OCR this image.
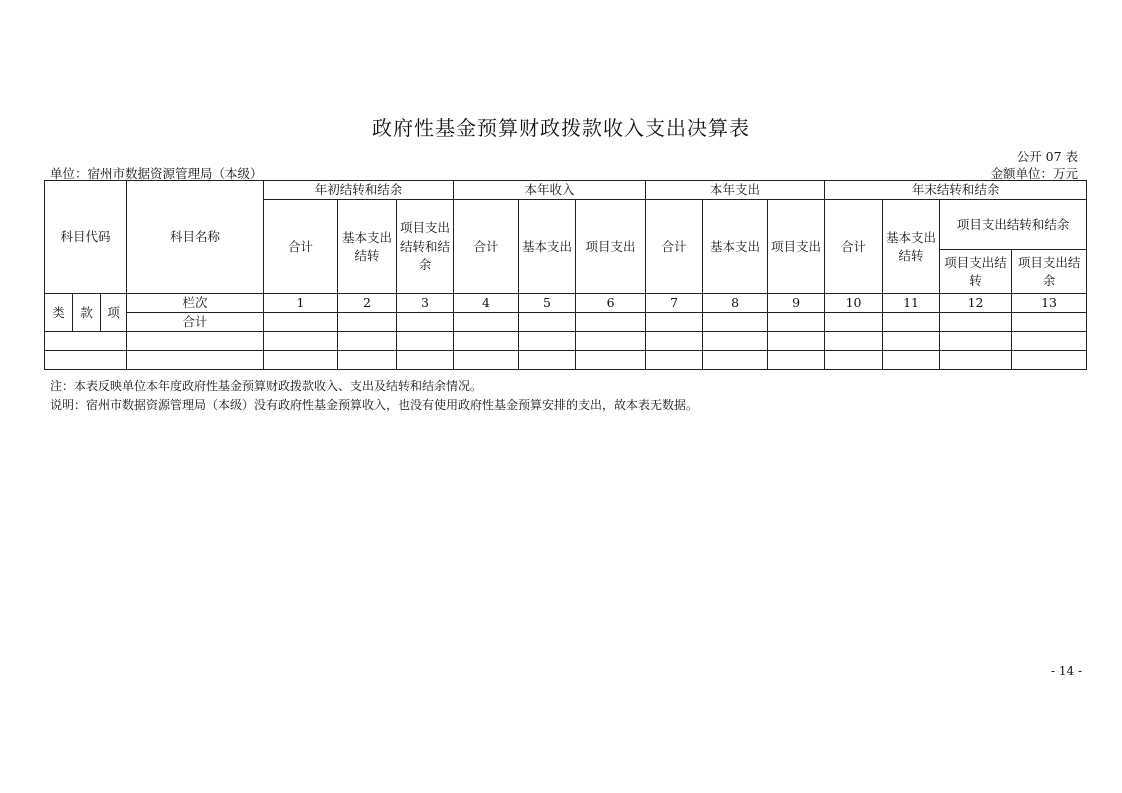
政府性基金预算财政拨款收入支出决算表
公开 07 表
单位：宿州市数据资源管理局（本级）	金额单位：万元
科目代码			科目名称	年初结转和结余			本年收入			本年支出			年末结转和结余			
				合计	基本支出结转	项目支出结转和结余	合计	基本支出	项目支出	合计	基本支出	项目支出	合计	基本支出结转	项目支出结转和结余	
															项目支出结转	项目支出结余
类	款	项	栏次	1	2	3	4	5	6	7	8	9	10	11	12	13
			合计													

注：本表反映单位本年度政府性基金预算财政拨款收入、支出及结转和结余情况。
说明：宿州市数据资源管理局（本级）没有政府性基金预算收入，也没有使用政府性基金预算安排的支出，故本表无数据。
- 14 -
